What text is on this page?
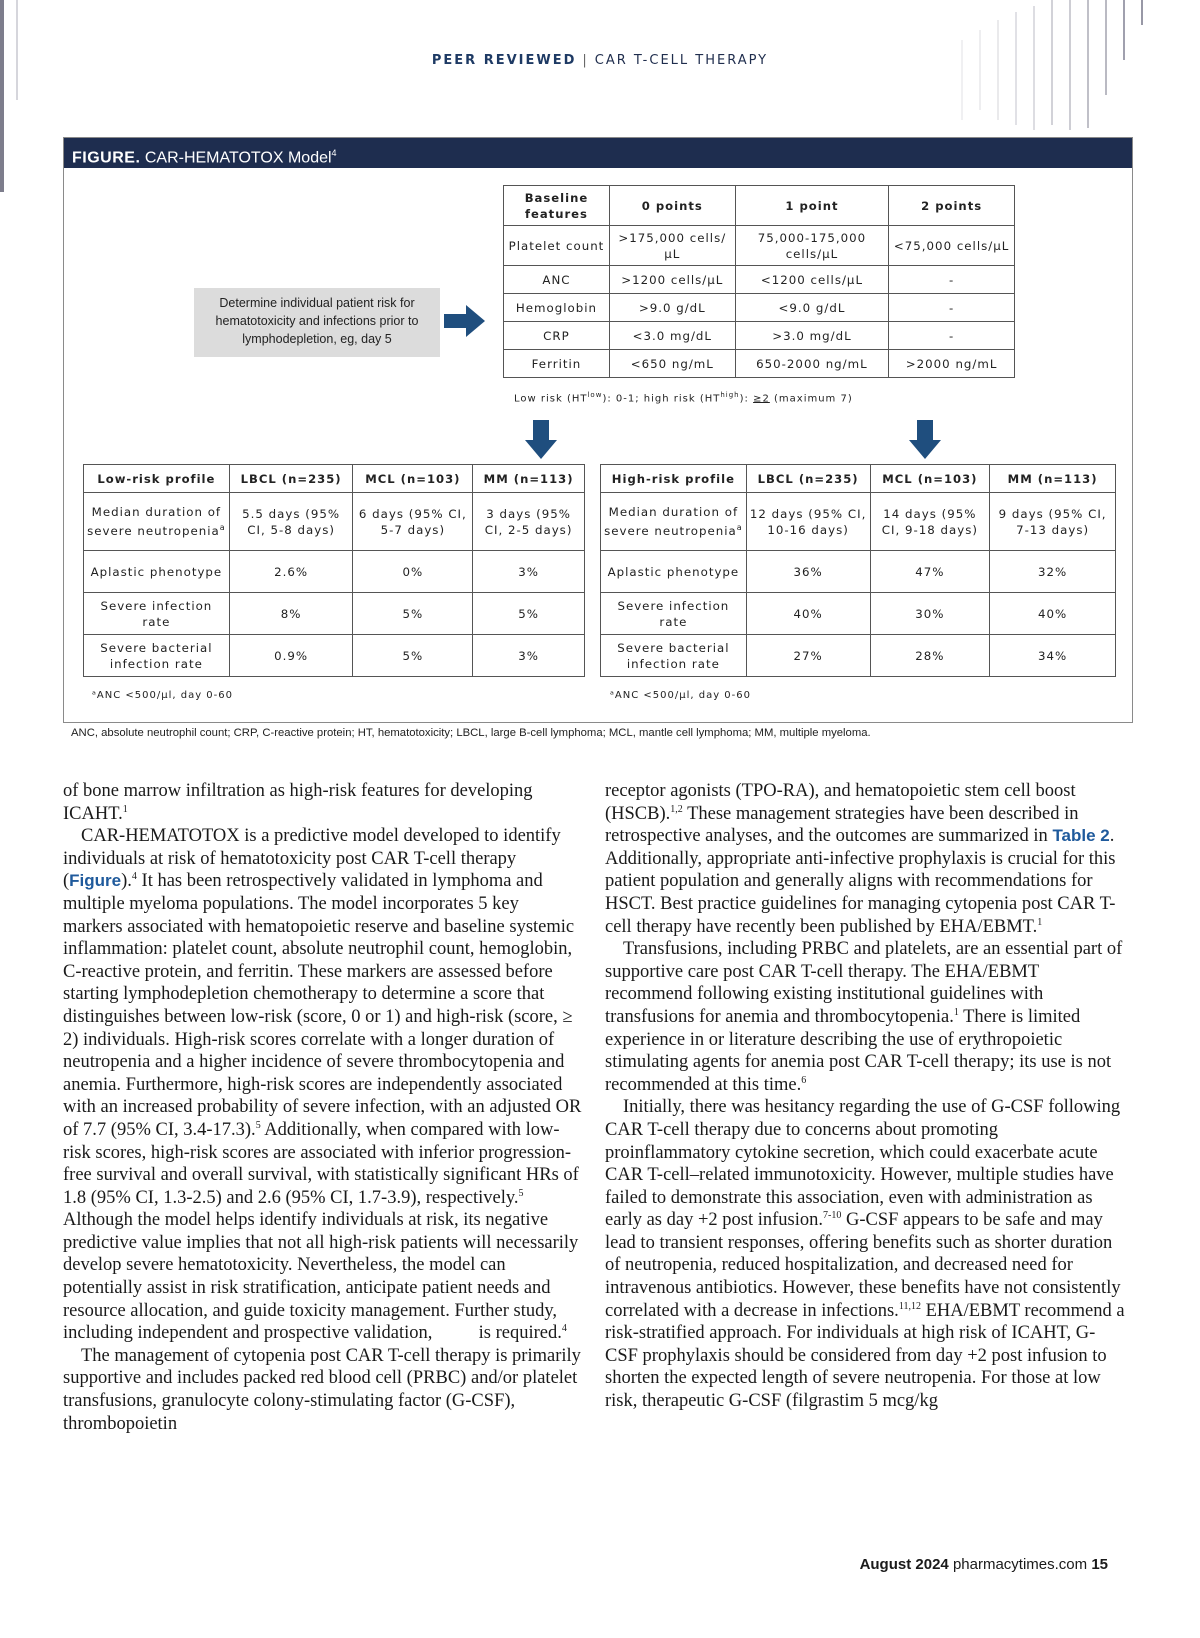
PEER REVIEWED | CAR T-CELL THERAPY
FIGURE. CAR-HEMATOTOX Model$^4$
Determine individual patient risk for hematotoxicity and infections prior to lymphodepletion, eg, day 5
Baseline features	0 points	1 point	2 points
Platelet count	>175,000 cells/µL	75,000-175,000 cells/µL	<75,000 cells/µL
ANC	>1200 cells/µL	<1200 cells/µL	-
Hemoglobin	>9.0 g/dL	<9.0 g/dL	-
CRP	<3.0 mg/dL	>3.0 mg/dL	-
Ferritin	<650 ng/mL	650-2000 ng/mL	>2000 ng/mL
Low risk $(HT^{low})$: 0-1; high risk $(HT^{high})$: ≥2 (maximum 7)
Low-risk profile	LBCL (n=235)	MCL (n=103)	MM (n=113)
Median duration of severe neutropenia$^a$	5.5 days (95% CI, 5-8 days)	6 days (95% CI, 5-7 days)	3 days (95% CI, 2-5 days)
Aplastic phenotype	2.6%	0%	3%
Severe infection rate	8%	5%	5%
Severe bacterial infection rate	0.9%	5%	3%
ᵃANC <500/µl, day 0-60
High-risk profile	LBCL (n=235)	MCL (n=103)	MM (n=113)
Median duration of severe neutropenia$^a$	12 days (95% CI, 10-16 days)	14 days (95% CI, 9-18 days)	9 days (95% CI, 7-13 days)
Aplastic phenotype	36%	47%	32%
Severe infection rate	40%	30%	40%
Severe bacterial infection rate	27%	28%	34%
ᵃANC <500/µl, day 0-60
ANC, absolute neutrophil count; CRP, C-reactive protein; HT, hematotoxicity; LBCL, large B-cell lymphoma; MCL, mantle cell lymphoma; MM, multiple myeloma.

of bone marrow infiltration as high-risk features for developing ICAHT.$^1$

CAR-HEMATOTOX is a predictive model developed to identify individuals at risk of hematotoxicity post CAR T-cell therapy (Figure).$^4$ It has been retrospectively validated in lymphoma and multiple myeloma populations. The model incorporates 5 key markers associated with hematopoietic reserve and baseline systemic inflammation: platelet count, absolute neutrophil count, hemoglobin, C-reactive protein, and ferritin. These markers are assessed before starting lymphodepletion chemotherapy to determine a score that distinguishes between low-risk (score, 0 or 1) and high-risk (score, ≥ 2) individuals. High-risk scores correlate with a longer duration of neutropenia and a higher incidence of severe thrombocytopenia and anemia. Furthermore, high-risk scores are independently associated with an increased probability of severe infection, with an adjusted OR of 7.7 (95% CI, 3.4-17.3).$^5$ Additionally, when compared with low-risk scores, high-risk scores are associated with inferior progression-free survival and overall survival, with statistically significant HRs of 1.8 (95% CI, 1.3-2.5) and 2.6 (95% CI, 1.7-3.9), respectively.$^5$ Although the model helps identify individuals at risk, its negative predictive value implies that not all high-risk patients will necessarily develop severe hematotoxicity. Nevertheless, the model can potentially assist in risk stratification, anticipate patient needs and resource allocation, and guide toxicity management. Further study, including independent and prospective validation,          is required.$^4$

The management of cytopenia post CAR T-cell therapy is primarily supportive and includes packed red blood cell (PRBC) and/or platelet transfusions, granulocyte colony-stimulating factor (G-CSF), thrombopoietin

receptor agonists (TPO-RA), and hematopoietic stem cell boost (HSCB).$^{1,2}$ These management strategies have been described in retrospective analyses, and the outcomes are summarized in Table 2. Additionally, appropriate anti-infective prophylaxis is crucial for this patient population and generally aligns with recommendations for HSCT. Best practice guidelines for managing cytopenia post CAR T-cell therapy have recently been published by EHA/EBMT.$^1$

Transfusions, including PRBC and platelets, are an essential part of supportive care post CAR T-cell therapy. The EHA/EBMT recommend following existing institutional guidelines with transfusions for anemia and thrombocytopenia.$^1$ There is limited experience in or literature describing the use of erythropoietic stimulating agents for anemia post CAR T-cell therapy; its use is not recommended at this time.$^6$

Initially, there was hesitancy regarding the use of G-CSF following CAR T-cell therapy due to concerns about promoting proinflammatory cytokine secretion, which could exacerbate acute CAR T-cell–related immunotoxicity. However, multiple studies have failed to demonstrate this association, even with administration as early as day +2 post infusion.$^{7-10}$ G-CSF appears to be safe and may lead to transient responses, offering benefits such as shorter duration of neutropenia, reduced hospitalization, and decreased need for intravenous antibiotics. However, these benefits have not consistently correlated with a decrease in infections.$^{11,12}$ EHA/EBMT recommend a risk-stratified approach. For individuals at high risk of ICAHT, G-CSF prophylaxis should be considered from day +2 post infusion to shorten the expected length of severe neutropenia. For those at low risk, therapeutic G-CSF (filgrastim 5 mcg/kg

August 2024 pharmacytimes.com 15
